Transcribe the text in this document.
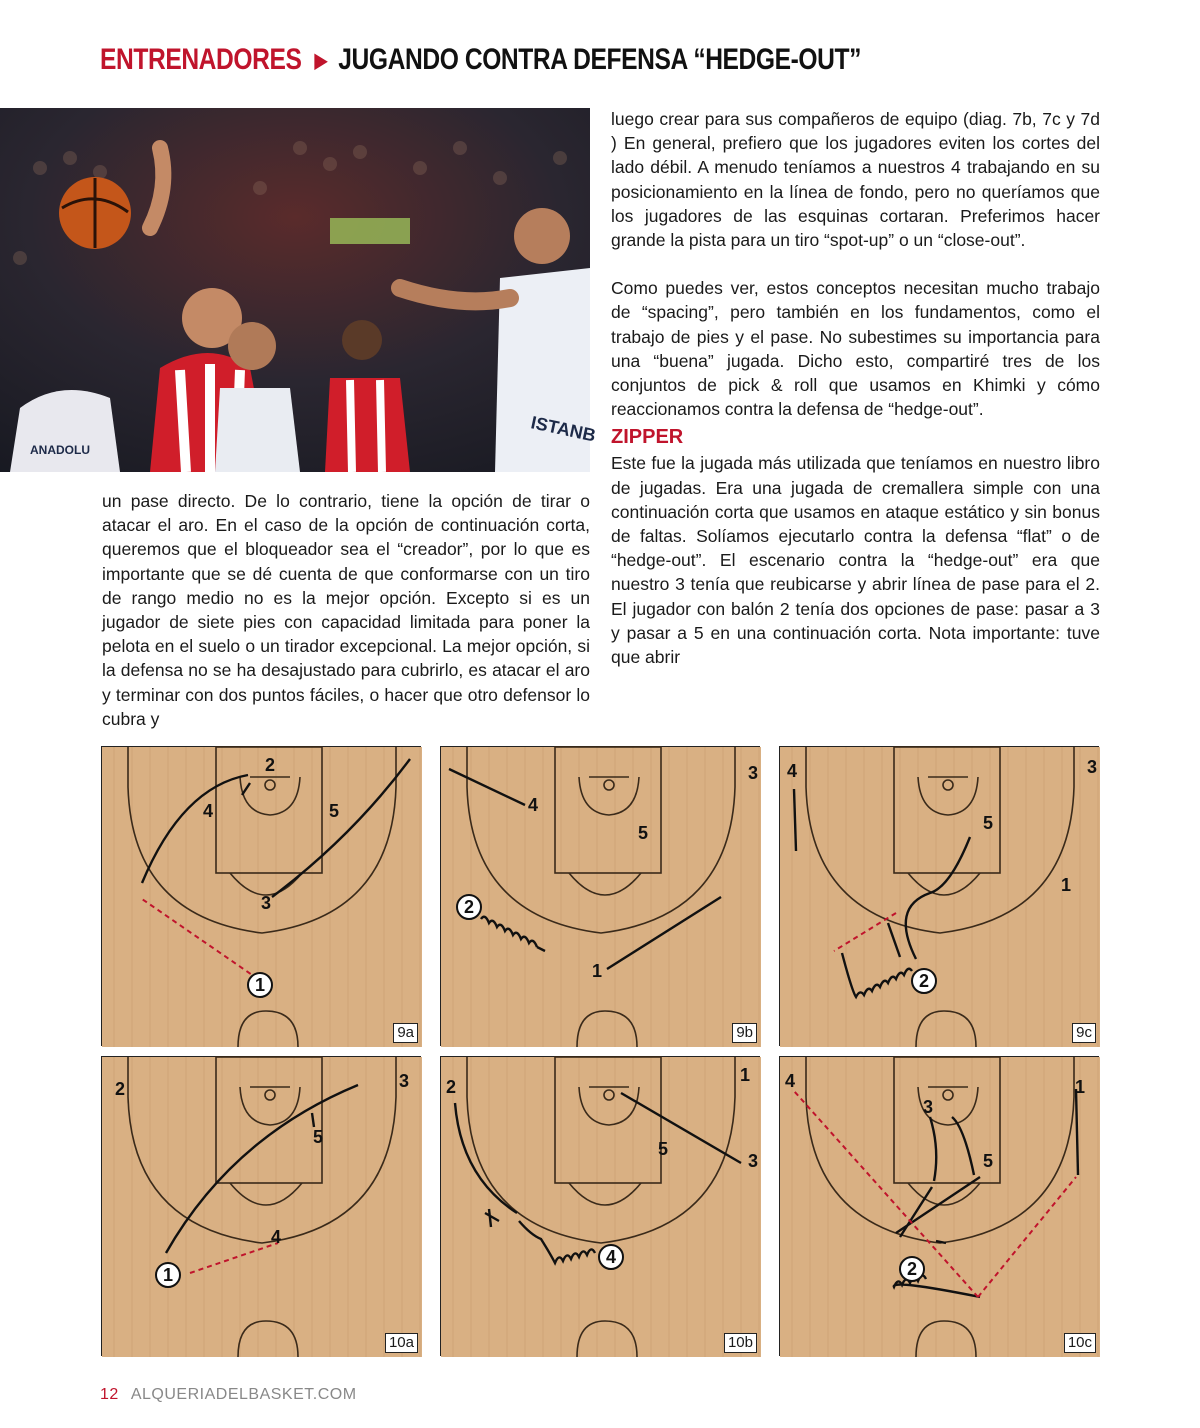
ENTRENADORES ▶ JUGANDO CONTRA DEFENSA “HEDGE-OUT”
ISTANB
ANADOLU

luego crear para sus compañeros de equipo (diag. 7b, 7c y 7d ) En general, prefiero que los jugadores eviten los cortes del lado débil. A menudo teníamos a nuestros 4 trabajando en su posicionamiento en la línea de fondo, pero no queríamos que los jugadores de las esquinas cortaran. Preferimos hacer grande la pista para un tiro “spot-up” o un “close-out”.

Como puedes ver, estos conceptos necesitan mucho trabajo de “spacing”, pero también en los fundamentos, como el trabajo de pies y el pase. No subestimes su importancia para una “buena” jugada. Dicho esto, compartiré tres de los conjuntos de pick & roll que usamos en Khimki y cómo reaccionamos contra la defensa de “hedge-out”.

ZIPPER

Este fue la jugada más utilizada que teníamos en nuestro libro de jugadas. Era una jugada de cremallera simple con una continuación corta que usamos en ataque estático y sin bonus de faltas. Solíamos ejecutarlo contra la defensa “flat” o de “hedge-out”. El escenario contra la “hedge-out” era que nuestro 3 tenía que reubicarse y abrir línea de pase para el 2. El jugador con balón 2 tenía dos opciones de pase: pasar a 3 y pasar a 5 en una continuación corta. Nota importante: tuve que abrir

un pase directo. De lo contrario, tiene la opción de tirar o atacar el aro. En el caso de la opción de continuación corta, queremos que el bloqueador sea el “creador”, por lo que es importante que se dé cuenta de que conformarse con un tiro de rango medio no es la mejor opción. Excepto si es un jugador de siete pies con capacidad limitada para poner la pelota en el suelo o un tirador excepcional. La mejor opción, si la defensa no se ha desajustado para cubrirlo, es atacar el aro y terminar con dos puntos fáciles, o hacer que otro defensor lo cubra y

2
4	5
3
1
9a
3
4
5
2
1
9b
4	3
5
1
2
9c
2	3
5
4
1
10a
1
2
5
3
4
10b
4	1
3
5
2
10c
12 ALQUERIADELBASKET.COM
